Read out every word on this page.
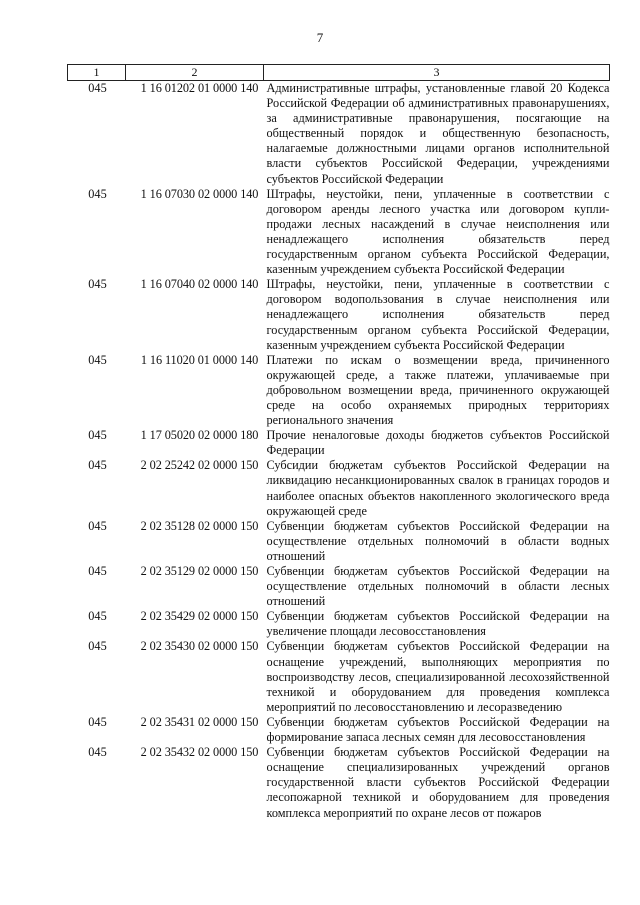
7
1	2	3
045	1 16 01202 01 0000 140	Административные штрафы, установленные главой 20 Кодекса Российской Федерации об административных правонарушениях, за административные правонарушения, посягающие на общественный порядок и общественную безопасность, налагаемые должностными лицами органов исполнительной власти субъектов Российской Федерации, учреждениями субъектов Российской Федерации
045	1 16 07030 02 0000 140	Штрафы, неустойки, пени, уплаченные в соответствии с договором аренды лесного участка или договором купли-продажи лесных насаждений в случае неисполнения или ненадлежащего исполнения обязательств перед государственным органом субъекта Российской Федерации, казенным учреждением субъекта Российской Федерации
045	1 16 07040 02 0000 140	Штрафы, неустойки, пени, уплаченные в соответствии с договором водопользования в случае неисполнения или ненадлежащего исполнения обязательств перед государственным органом субъекта Российской Федерации, казенным учреждением субъекта Российской Федерации
045	1 16 11020 01 0000 140	Платежи по искам о возмещении вреда, причиненного окружающей среде, а также платежи, уплачиваемые при добровольном возмещении вреда, причиненного окружающей среде на особо охраняемых природных территориях регионального значения
045	1 17 05020 02 0000 180	Прочие неналоговые доходы бюджетов субъектов Российской Федерации
045	2 02 25242 02 0000 150	Субсидии бюджетам субъектов Российской Федерации на ликвидацию несанкционированных свалок в границах городов и наиболее опасных объектов накопленного экологического вреда окружающей среде
045	2 02 35128 02 0000 150	Субвенции бюджетам субъектов Российской Федерации на осуществление отдельных полномочий в области водных отношений
045	2 02 35129 02 0000 150	Субвенции бюджетам субъектов Российской Федерации на осуществление отдельных полномочий в области лесных отношений
045	2 02 35429 02 0000 150	Субвенции бюджетам субъектов Российской Федерации на увеличение площади лесовосстановления
045	2 02 35430 02 0000 150	Субвенции бюджетам субъектов Российской Федерации на оснащение учреждений, выполняющих мероприятия по воспроизводству лесов, специализированной лесохозяйственной техникой и оборудованием для проведения комплекса мероприятий по лесовосстановлению и лесоразведению
045	2 02 35431 02 0000 150	Субвенции бюджетам субъектов Российской Федерации на формирование запаса лесных семян для лесовосстановления
045	2 02 35432 02 0000 150	Субвенции бюджетам субъектов Российской Федерации на оснащение специализированных учреждений органов государственной власти субъектов Российской Федерации лесопожарной техникой и оборудованием для проведения комплекса мероприятий по охране лесов от пожаров
